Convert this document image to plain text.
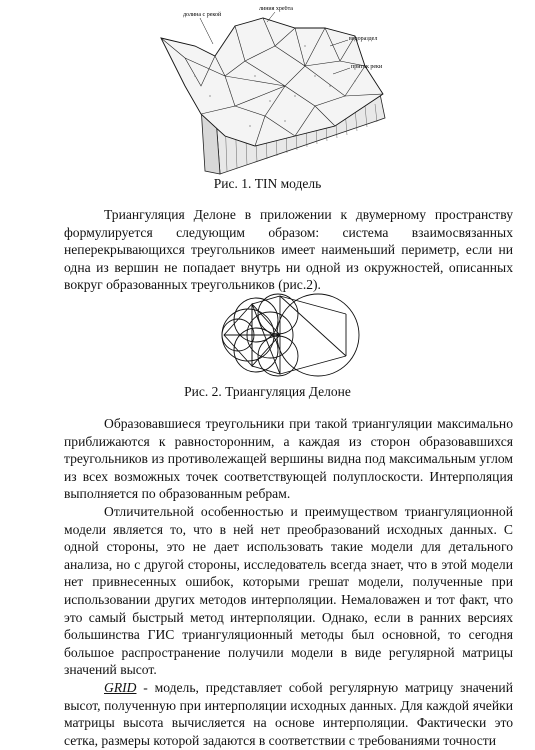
долина с рекой
линия хребта
водораздел
приток реки
Рис. 1. TIN модель

Триангуляция Делоне в приложении к двумерному пространству формулируется следующим образом: система взаимосвязанных неперекрывающихся треугольников имеет наименьший периметр, если ни одна из вершин не попадает внутрь ни одной из окружностей, описанных вокруг образованных треугольников (рис.2).

Рис. 2. Триангуляция Делоне

Образовавшиеся треугольники при такой триангуляции максимально приближаются к равносторонним, а каждая из сторон образовавшихся треугольников из противолежащей вершины видна под максимальным углом из всех возможных точек соответствующей полуплоскости. Интерполяция выполняется по образованным ребрам.

Отличительной особенностью и преимуществом триангуляционной модели является то, что в ней нет преобразований исходных данных. С одной стороны, это не дает использовать такие модели для детального анализа, но с другой стороны, исследователь всегда знает, что в этой модели нет привнесенных ошибок, которыми грешат модели, полученные при использовании других методов интерполяции. Немаловажен и тот факт, что это самый быстрый метод интерполяции. Однако, если в ранних версиях большинства ГИС триангуляционный методы был основной, то сегодня большое распространение получили модели в виде регулярной матрицы значений высот.

GRID - модель, представляет собой регулярную матрицу значений высот, полученную при интерполяции исходных данных. Для каждой ячейки матрицы высота вычисляется на основе интерполяции. Фактически это сетка, размеры которой задаются в соответствии с требованиями точности
